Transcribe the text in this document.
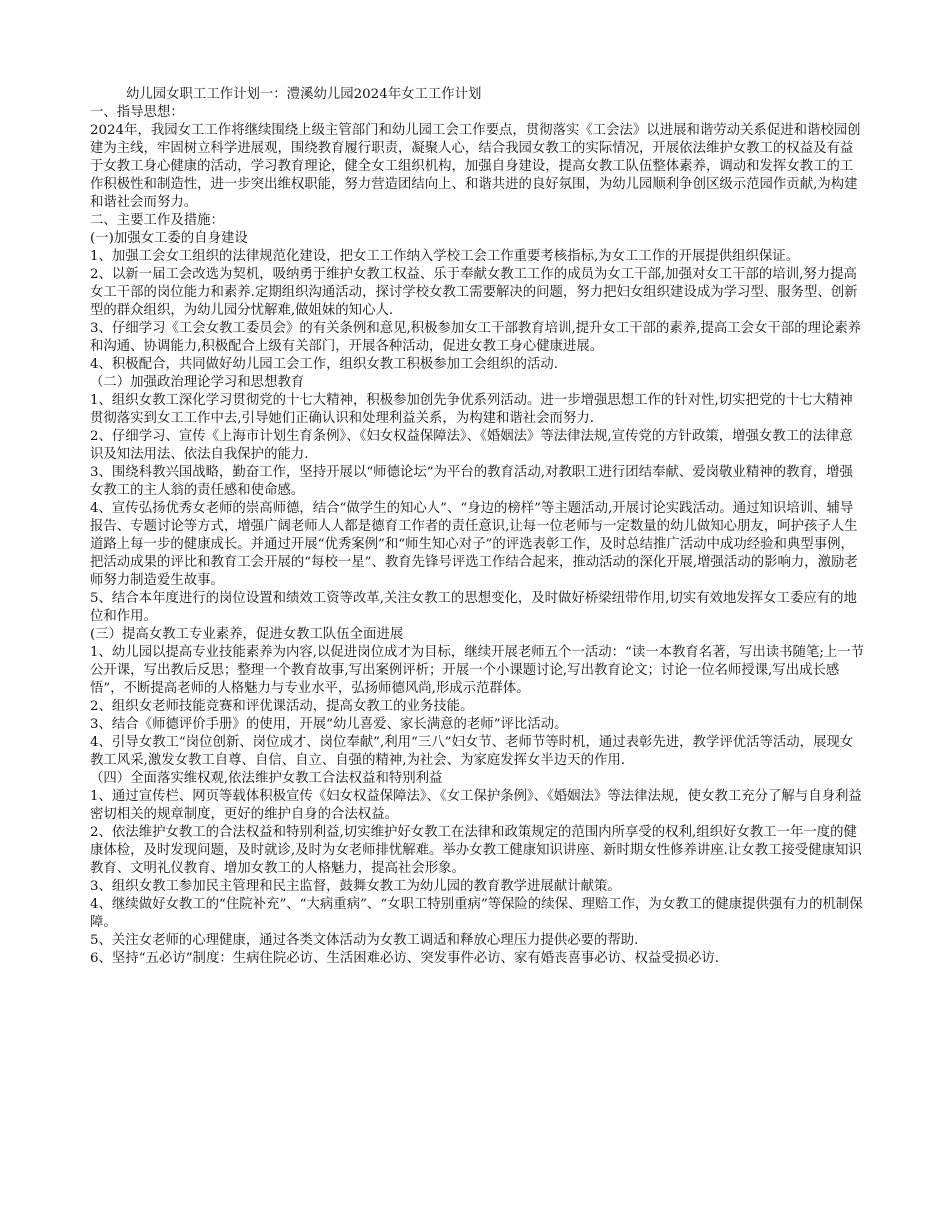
幼儿园女职工工作计划一：澧溪幼儿园2024年女工工作计划

一、指导思想：

2024年，我园女工工作将继续围绕上级主管部门和幼儿园工会工作要点，贯彻落实《工会法》以进展和谐劳动关系促进和谐校园创建为主线，牢固树立科学进展观，围绕教育履行职责，凝聚人心，结合我园女教工的实际情况，开展依法维护女教工的权益及有益于女教工身心健康的活动，学习教育理论，健全女工组织机构，加强自身建设，提高女教工队伍整体素养，调动和发挥女教工的工作积极性和制造性，进一步突出维权职能，努力营造团结向上、和谐共进的良好氛围，为幼儿园顺利争创区级示范园作贡献,为构建和谐社会而努力。

二、主要工作及措施：

(一)加强女工委的自身建设

1、加强工会女工组织的法律规范化建设，把女工工作纳入学校工会工作重要考核指标,为女工工作的开展提供组织保证。

2、以新一届工会改选为契机，吸纳勇于维护女教工权益、乐于奉献女教工工作的成员为女工干部,加强对女工干部的培训,努力提高女工干部的岗位能力和素养.定期组织沟通活动，探讨学校女教工需要解决的问题，努力把妇女组织建设成为学习型、服务型、创新型的群众组织，为幼儿园分忧解难,做姐妹的知心人.

3、仔细学习《工会女教工委员会》的有关条例和意见,积极参加女工干部教育培训,提升女工干部的素养,提高工会女干部的理论素养和沟通、协调能力,积极配合上级有关部门，开展各种活动，促进女教工身心健康进展。

4、积极配合，共同做好幼儿园工会工作，组织女教工积极参加工会组织的活动.

（二）加强政治理论学习和思想教育

1、组织女教工深化学习贯彻党的十七大精神，积极参加创先争优系列活动。进一步增强思想工作的针对性,切实把党的十七大精神贯彻落实到女工工作中去,引导她们正确认识和处理利益关系，为构建和谐社会而努力.

2、仔细学习、宣传《上海市计划生育条例》、《妇女权益保障法》、《婚姻法》等法律法规,宣传党的方针政策，增强女教工的法律意识及知法用法、依法自我保护的能力.

3、围绕科教兴国战略，勤奋工作，坚持开展以“师德论坛”为平台的教育活动,对教职工进行团结奉献、爱岗敬业精神的教育，增强女教工的主人翁的责任感和使命感。

4、宣传弘扬优秀女老师的崇高师德，结合“做学生的知心人”、“身边的榜样”等主题活动,开展讨论实践活动。通过知识培训、辅导报告、专题讨论等方式，增强广阔老师人人都是德育工作者的责任意识,让每一位老师与一定数量的幼儿做知心朋友，呵护孩子人生道路上每一步的健康成长。并通过开展“优秀案例”和“师生知心对子”的评选表彰工作，及时总结推广活动中成功经验和典型事例，把活动成果的评比和教育工会开展的“每校一星”、教育先锋号评选工作结合起来，推动活动的深化开展,增强活动的影响力，激励老师努力制造爱生故事。

5、结合本年度进行的岗位设置和绩效工资等改革,关注女教工的思想变化，及时做好桥梁纽带作用,切实有效地发挥女工委应有的地位和作用。

(三）提高女教工专业素养，促进女教工队伍全面进展

1、幼儿园以提高专业技能素养为内容,以促进岗位成才为目标，继续开展老师五个一活动：“读一本教育名著，写出读书随笔;上一节公开课，写出教后反思；整理一个教育故事,写出案例评析；开展一个小课题讨论,写出教育论文；讨论一位名师授课,写出成长感悟”，不断提高老师的人格魅力与专业水平，弘扬师德风尚,形成示范群体。

2、组织女老师技能竞赛和评优课活动，提高女教工的业务技能。

3、结合《师德评价手册》的使用，开展“幼儿喜爱、家长满意的老师”评比活动。

4、引导女教工“岗位创新、岗位成才、岗位奉献”,利用“三八”妇女节、老师节等时机，通过表彰先进，教学评优活等活动，展现女教工风采,激发女教工自尊、自信、自立、自强的精神,为社会、为家庭发挥女半边天的作用.

（四）全面落实维权观,依法维护女教工合法权益和特别利益

1、通过宣传栏、网页等载体积极宣传《妇女权益保障法》、《女工保护条例》、《婚姻法》等法律法规，使女教工充分了解与自身利益密切相关的规章制度，更好的维护自身的合法权益。

2、依法维护女教工的合法权益和特别利益,切实维护好女教工在法律和政策规定的范围内所享受的权利,组织好女教工一年一度的健康体检，及时发现问题，及时就诊,及时为女老师排忧解难。举办女教工健康知识讲座、新时期女性修养讲座.让女教工接受健康知识教育、文明礼仪教育、增加女教工的人格魅力，提高社会形象。

3、组织女教工参加民主管理和民主监督，鼓舞女教工为幼儿园的教育教学进展献计献策。

4、继续做好女教工的“住院补充”、“大病重病”、“女职工特别重病”等保险的续保、理赔工作，为女教工的健康提供强有力的机制保障。

5、关注女老师的心理健康，通过各类文体活动为女教工调适和释放心理压力提供必要的帮助.

6、坚持“五必访”制度：生病住院必访、生活困难必访、突发事件必访、家有婚丧喜事必访、权益受损必访.
